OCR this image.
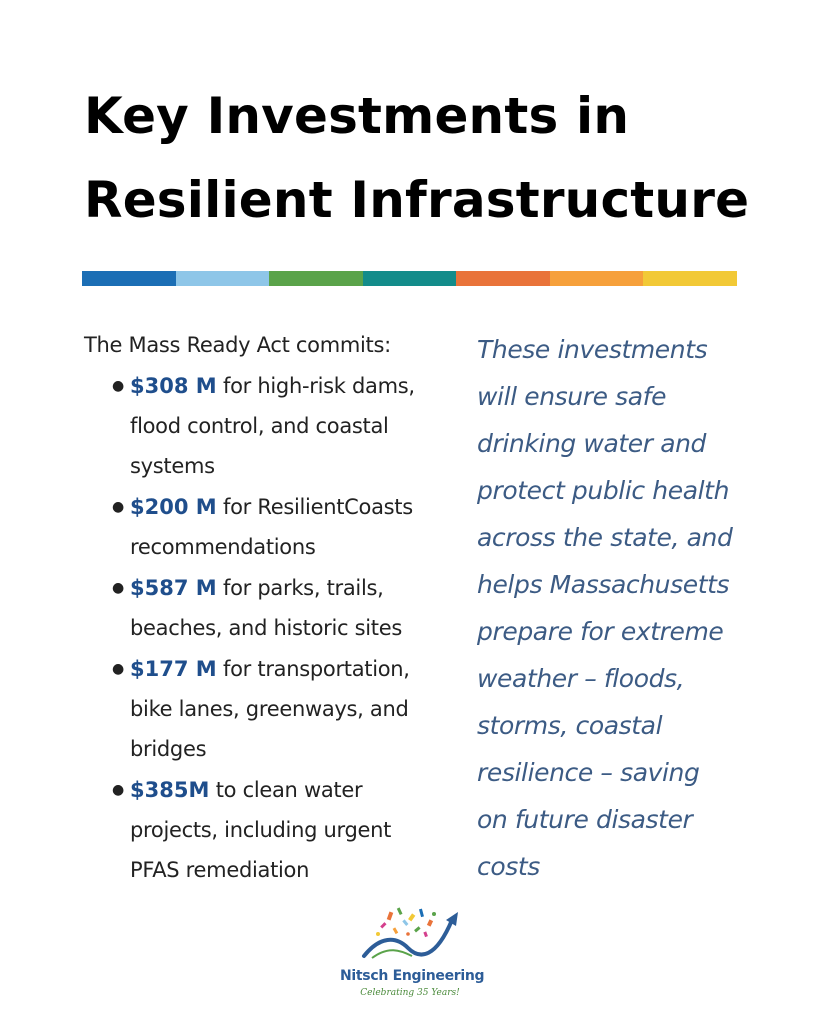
Key Investments in
Resilient Infrastructure
The Mass Ready Act commits:
● $308 M for high-risk dams,
flood control, and coastal
systems
● $200 M for ResilientCoasts
recommendations
● $587 M for parks, trails,
beaches, and historic sites
● $177 M for transportation,
bike lanes, greenways, and
bridges
● $385M to clean water
projects, including urgent
PFAS remediation
These investments
will ensure safe
drinking water and
protect public health
across the state, and
helps Massachusetts
prepare for extreme
weather – floods,
storms, coastal
resilience – saving
on future disaster
costs
Nitsch Engineering
Celebrating 35 Years!
